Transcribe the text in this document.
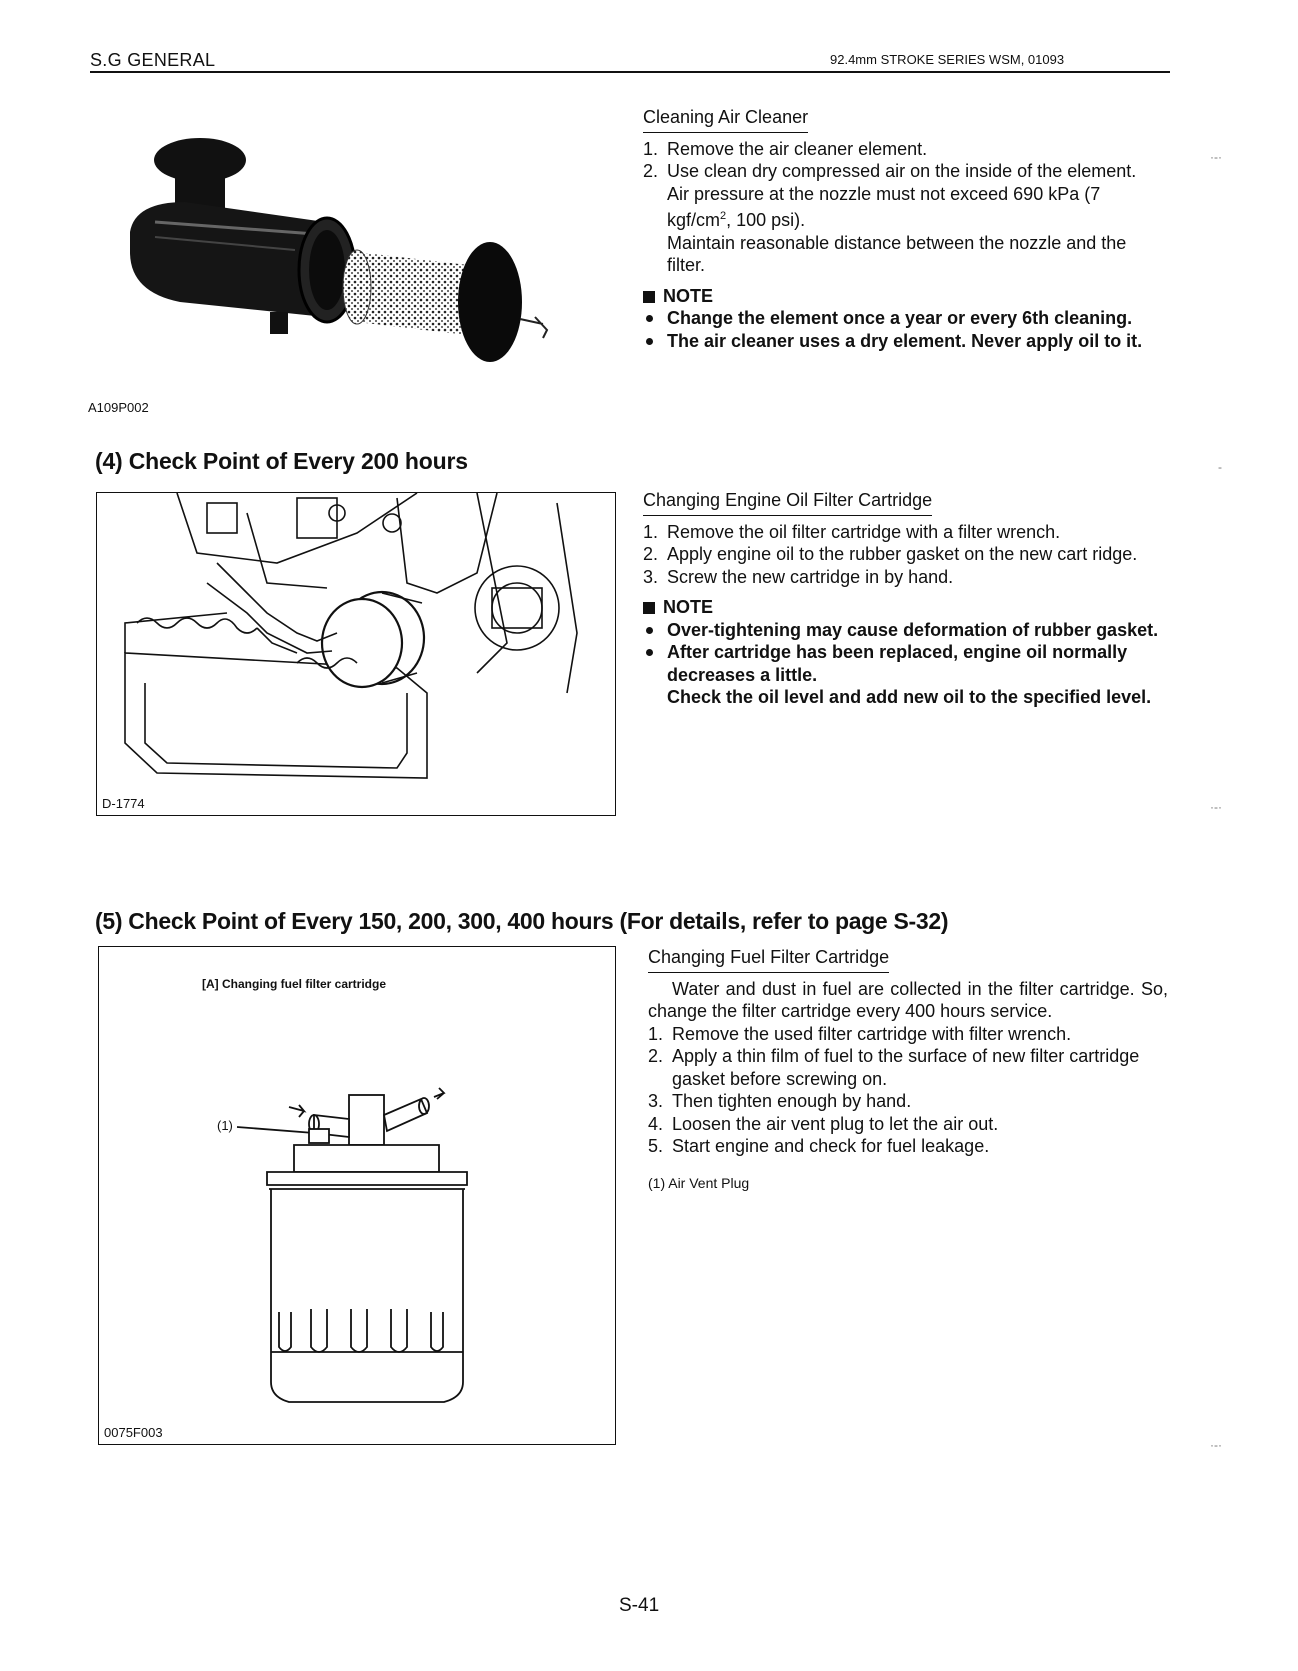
S.G GENERAL	92.4mm STROKE SERIES WSM, 01093
A109P002
Cleaning Air Cleaner
1. Remove the air cleaner element.
2. Use clean dry compressed air on the inside of the element.
Air pressure at the nozzle must not exceed 690 kPa (7 kgf/$cm^2$, 100 psi).
Maintain reasonable distance between the nozzle and the filter.
NOTE
Change the element once a year or every 6th cleaning.
The air cleaner uses a dry element. Never apply oil to it.
(4) Check Point of Every 200 hours
D-1774
Changing Engine Oil Filter Cartridge
1. Remove the oil filter cartridge with a filter wrench.
2. Apply engine oil to the rubber gasket on the new cart ridge.
3. Screw the new cartridge in by hand.
NOTE
Over-tightening may cause deformation of rubber gasket.
After cartridge has been replaced, engine oil normally decreases a little.
Check the oil level and add new oil to the specified level.
(5) Check Point of Every 150, 200, 300, 400 hours (For details, refer to page S-32)
[A] Changing fuel filter cartridge
(1)
0075F003
Changing Fuel Filter Cartridge
Water and dust in fuel are collected in the filter cartridge. So, change the filter cartridge every 400 hours service.
1. Remove the used filter cartridge with filter wrench.
2. Apply a thin film of fuel to the surface of new filter cartridge gasket before screwing on.
3. Then tighten enough by hand.
4. Loosen the air vent plug to let the air out.
5. Start engine and check for fuel leakage.
(1) Air Vent Plug
S-41
·-·
-
·-·
·-·
